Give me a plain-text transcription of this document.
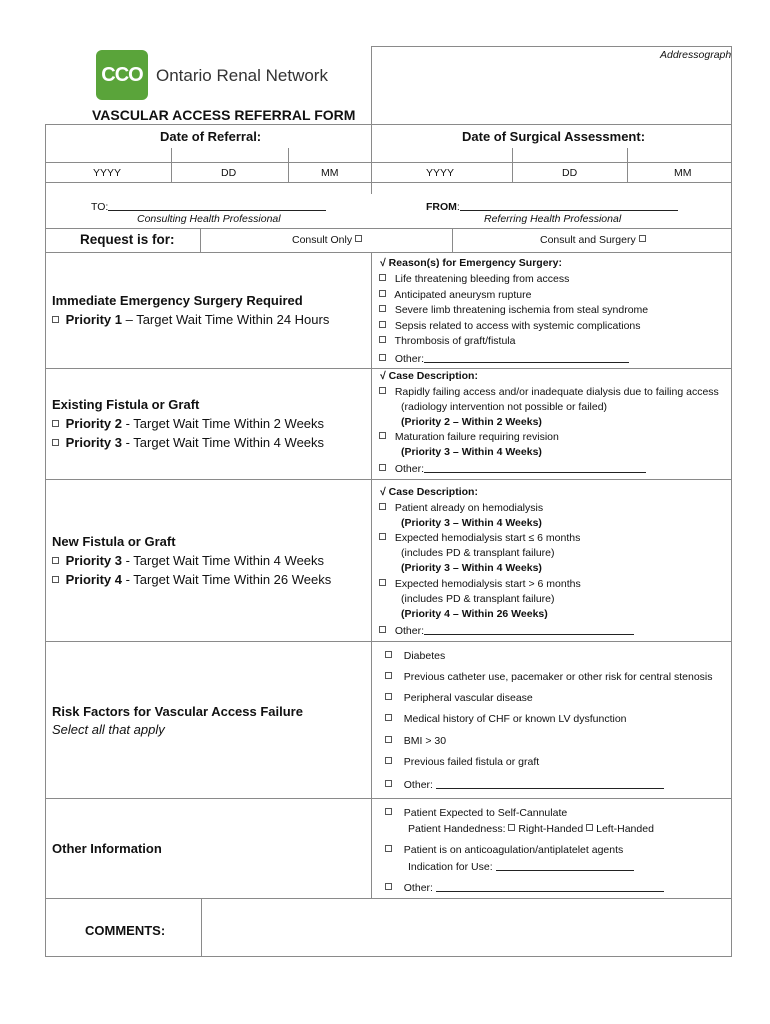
CCO Ontario Renal Network
VASCULAR ACCESS REFERRAL FORM
Addressograph
Date of Referral:	Date of Surgical Assessment:
YYYY	DD	MM	YYYY	DD	MM
TO:
Consulting Health Professional
FROM:
Referring Health Professional
Request is for:	Consult Only	Consult and Surgery
Immediate Emergency Surgery Required
Priority 1 – Target Wait Time Within 24 Hours
√ Reason(s) for Emergency Surgery:
Life threatening bleeding from access
Anticipated aneurysm rupture
Severe limb threatening ischemia from steal syndrome
Sepsis related to access with systemic complications
Thrombosis of graft/fistula
Other:
Existing Fistula or Graft
Priority 2 - Target Wait Time Within 2 Weeks
Priority 3 - Target Wait Time Within 4 Weeks
√ Case Description:
Rapidly failing access and/or inadequate dialysis due to failing access
(radiology intervention not possible or failed)
(Priority 2 – Within 2 Weeks)
Maturation failure requiring revision
(Priority 3 – Within 4 Weeks)
Other:
New Fistula or Graft
Priority 3 - Target Wait Time Within 4 Weeks
Priority 4 - Target Wait Time Within 26 Weeks
√ Case Description:
Patient already on hemodialysis
(Priority 3 – Within 4 Weeks)
Expected hemodialysis start ≤ 6 months
(includes PD & transplant failure)
(Priority 3 – Within 4 Weeks)
Expected hemodialysis start > 6 months
(includes PD & transplant failure)
(Priority 4 – Within 26 Weeks)
Other:
Risk Factors for Vascular Access Failure
Select all that apply
Diabetes
Previous catheter use, pacemaker or other risk for central stenosis
Peripheral vascular disease
Medical history of CHF or known LV dysfunction
BMI > 30
Previous failed fistula or graft
Other:
Other Information
Patient Expected to Self-Cannulate
Patient Handedness: Right-Handed Left-Handed
Patient is on anticoagulation/antiplatelet agents
Indication for Use:
Other:
COMMENTS:
